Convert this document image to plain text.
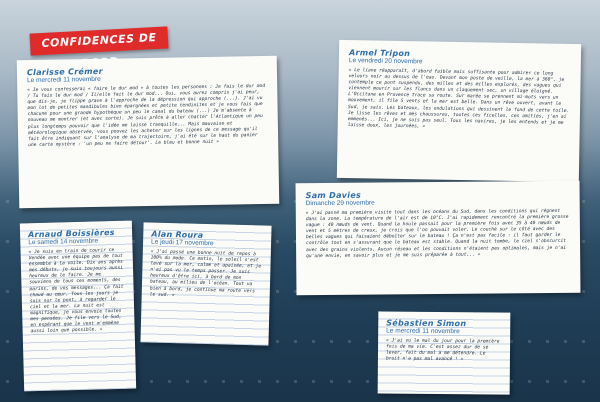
CONFIDENCES DE
Clarisse Crémer
Le mercredi 11 novembre
« Je vous confesserai « faire le dur mod » à toutes les personnes : Je fais le dur mod / Tu fais le dur mod / Il/elle fait le dur mod... Oui, vous aurez compris j'ai peur, que dis-je, je flippe grave à l'approche de la dépression qui approche (...). J'ai vu mon lot de petites mandibules bien épargnées et petite tendinites et je vous fais que chacune pour une grande hypothèque un peu le canal du bateau (...) Je m'absente à nouveau me montrer (et avec sorte). Je suis prête à aller chatter l'Atlantique un peu plus longtemps pouvoir que l'idée me laisse tranquille... Mais mauvaise et météorologique observée, vous pouvez les acheter sur les lignes de ce message qu'il fait être indiquant sur l'analyse de ma trajectoire, j'ai été sur le haut du panier une carte mystère : 'un peu ne faire détour'. Le bleu et bonne nuit »
Armel Tripon
Le vendredi 20 novembre
« Le liane réapparaît, d'abord faible mais suffisante pour admirer ce long velours noir au dessus de l'eau. Devant mon poste de veille, la mer à 360°, je contemple ce pont suspendu, des milles et des milles explorés, des vagues qui viennent mourir sur les flancs dans un claquement sec, un village éloigné. L'Occitane en Provence trace sa route. Sur marée se prennent mi-mots vers un mouvement, il file 5 vents et la mer est belle. Dans un rêve ouvert, avant le Sud, je sais. Les bateaux, les ondulations qui dessinent le fond de cette toile. Je lisse les rêves et mes chaussures, toutes ces ficelles, ces amitiés, j'en ai emmenés... Ici, je ne suis pas seul. Tous les navires, je les entends et je me laisse doux, les journées, »
Sam Davies
Dimanche 29 novembre
« J'ai passé ma première visite tout dans les océans du Sud, dans les conditions qui régnent dans la zone. La température de l'air est de 10°C. J'ai rapidement rencontré la première grosse vague : 40 nœuds de vent. Quand la houle passait pour la première fois avec 35 à 40 nœuds de vent et 5 mètres de creux, je crois que l'on pouvait voler. Le couché sur le côté avec des belles vagues qui faisaient déboîter sur le bateau ! Ça n'est pas facile : il faut garder le contrôle tout en s'assurant que le bateau est stable. Quand la nuit tombe, le ciel s'obscurcit avec des grains violents. Aucun réseau et les conditions n'étaient pas optimales, mais je n'ai qu'une envie, en savoir plus et je me suis préparée à tout... »
Arnaud Boissières
Le samedi 14 novembre
« Je suis en train de courir ce Vendée avec une équipe pas de tout ensemble à la voile. Dix ans après mes débuts, je suis toujours aussi heureux de le faire. Je me souviens de tous ces moments, des marins, de vos messages... Ça fait chaud au cœur. Tous les jours je suis sur le pont, à regarder le ciel et la mer. La nuit est magnifique, je vous envoie toutes mes pensées. Je file vers le Sud, en espérant que le vent m'emmène aussi loin que possible. »
Alan Roura
Le jeudi 17 novembre
« J'ai passé une bonne nuit de repos à 100% du mode. Ce matin, le soleil s'est levé sur la mer, calme et apaisée, et je n'ai pas vu le temps passer. Je suis heureux d'être ici, à bord de mon bateau, au milieu de l'océan. Tout va bien à bord, je continue ma route vers le sud. »
Sébastien Simon
Le mercredi 11 novembre
« J'ai vu le mal du jour pour la première fois de ma vie. C'est assez dur de se lever, fait du mal à me détendre. Le bruit n'a pas mal avancé ! »
